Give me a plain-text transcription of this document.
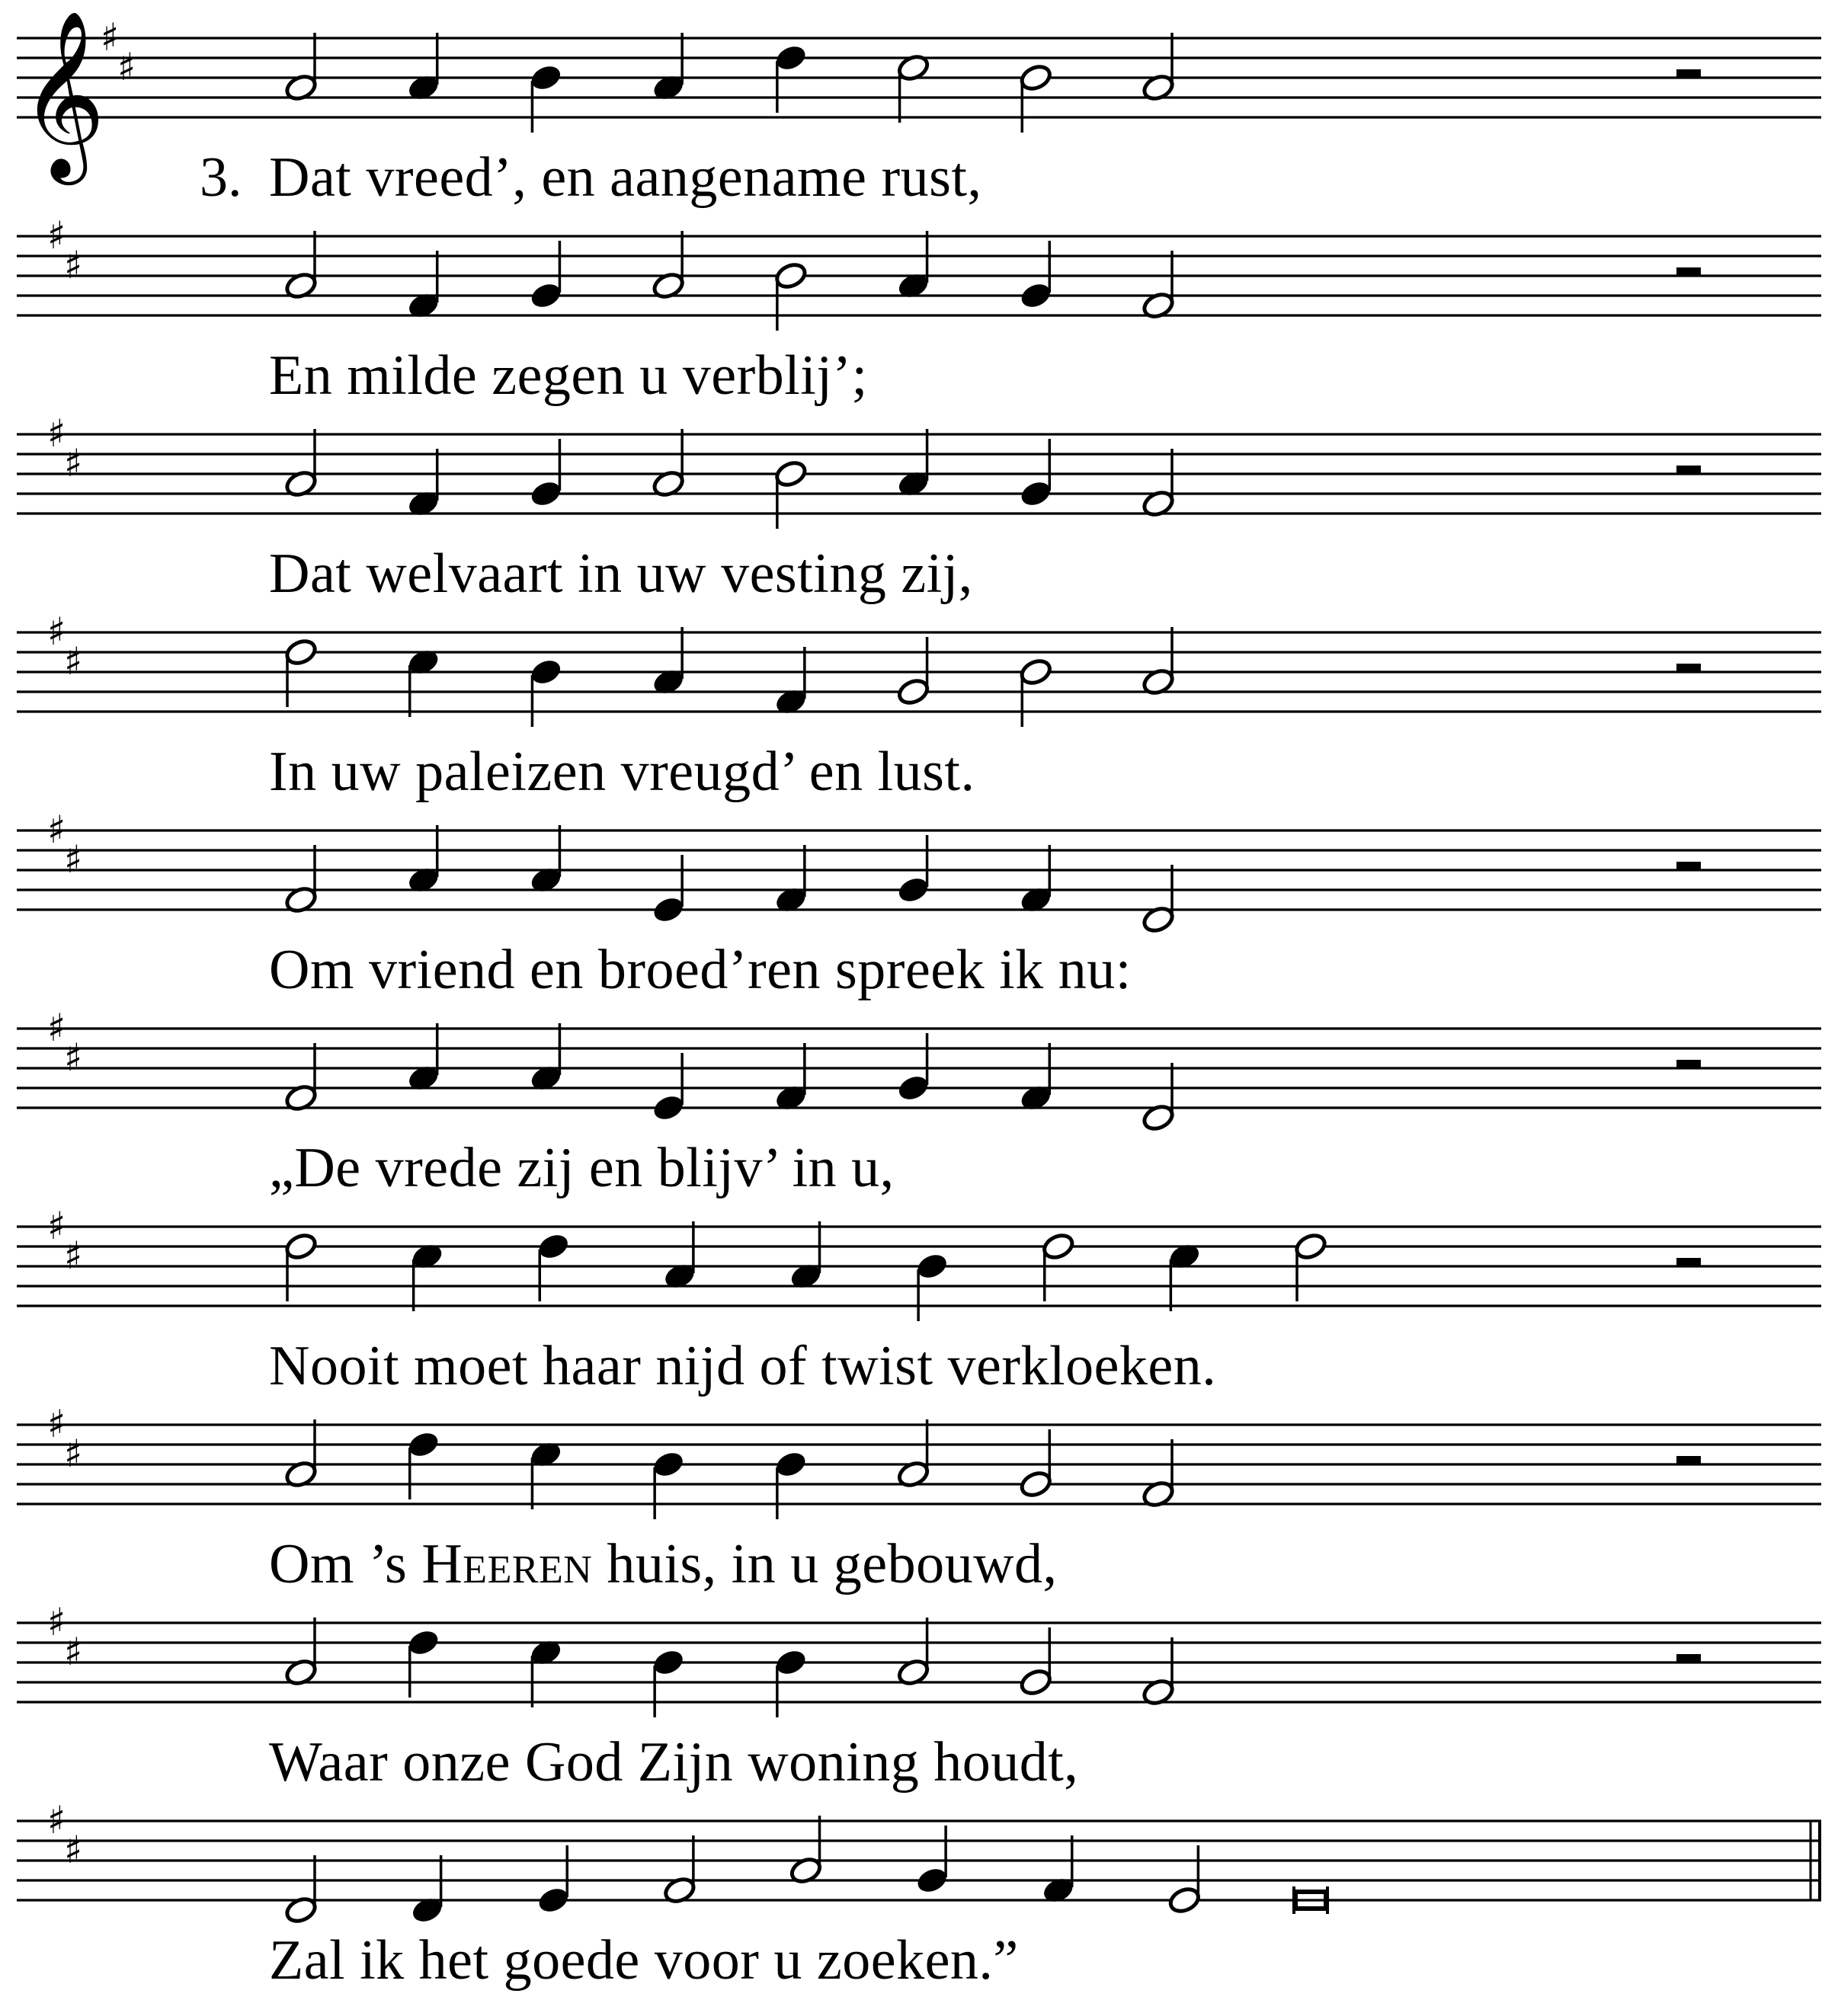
𝄞
♯
♯
♯
♯
♯
♯
♯
♯
♯
♯
♯
♯
♯
♯
♯
♯
♯
♯
♯
♯
3. Dat vreed’, en aangename rust,
En milde zegen u verblij’;
Dat welvaart in uw vesting zij,
In uw paleizen vreugd’ en lust.
Om vriend en broed’ren spreek ik nu:
„De vrede zij en blijv’ in u,
Nooit moet haar nijd of twist verkloeken.
Om ’s Heeren huis, in u gebouwd,
Waar onze God Zijn woning houdt,
Zal ik het goede voor u zoeken.”
